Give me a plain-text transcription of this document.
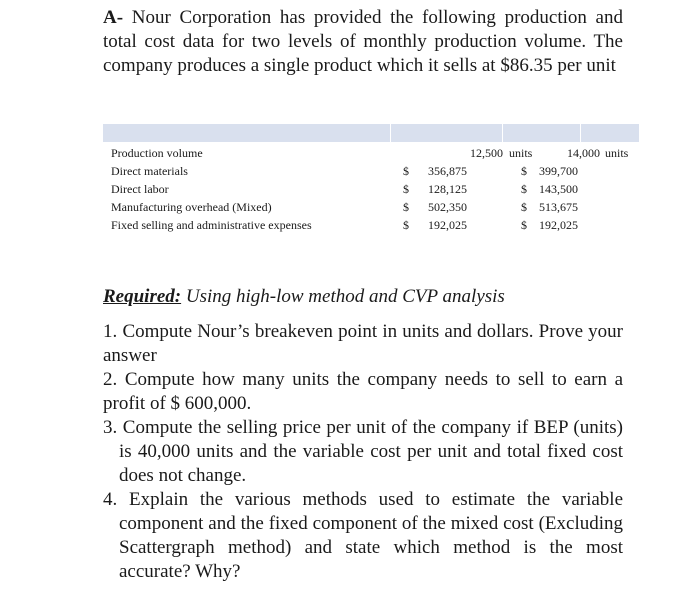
A- Nour Corporation has provided the following production and total cost data for two levels of monthly production volume. The company produces a single product which it sells at $86.35 per unit
Production volume	12,500 units	14,000 units
Direct materials	$	356,875	$	399,700
Direct labor	$	128,125	$	143,500
Manufacturing overhead (Mixed)	$	502,350	$	513,675
Fixed selling and administrative expenses	$	192,025	$	192,025
Required: Using high-low method and CVP analysis

1. Compute Nour’s breakeven point in units and dollars. Prove your answer

2. Compute how many units the company needs to sell to earn a profit of $ 600,000.

3. Compute the selling price per unit of the company if BEP (units) is 40,000 units and the variable cost per unit and total fixed cost does not change.

4. Explain the various methods used to estimate the variable component and the fixed component of the mixed cost (Excluding Scattergraph method) and state which method is the most accurate? Why?
